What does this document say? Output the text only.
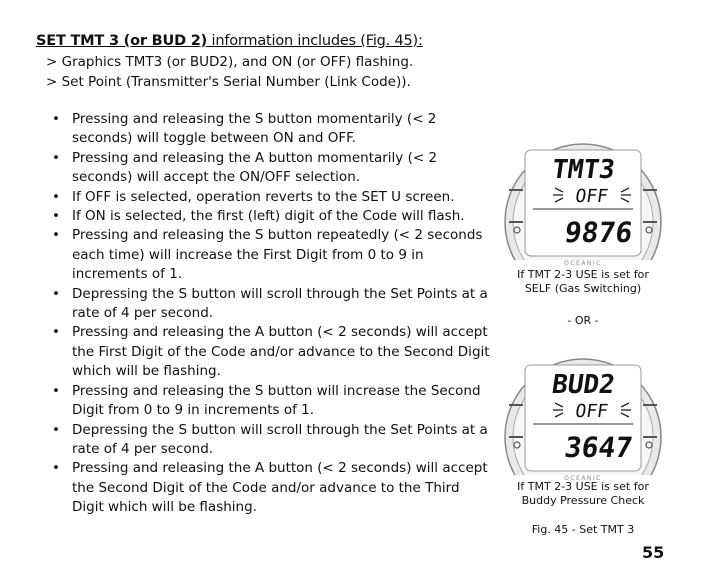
SET TMT 3 (or BUD 2) information includes (Fig. 45):
> Graphics TMT3 (or BUD2), and ON (or OFF) flashing.
> Set Point (Transmitter's Serial Number (Link Code)).
• Pressing and releasing the S button momentarily (< 2 seconds) will toggle between ON and OFF.
• Pressing and releasing the A button momentarily (< 2 seconds) will accept the ON/OFF selection.
• If OFF is selected, operation reverts to the SET U screen.
• If ON is selected, the first (left) digit of the Code will flash.
• Pressing and releasing the S button repeatedly (< 2 seconds each time) will increase the First Digit from 0 to 9 in increments of 1.
• Depressing the S button will scroll through the Set Points at a rate of 4 per second.
• Pressing and releasing the A button (< 2 seconds) will accept the First Digit of the Code and/or advance to the Second Digit which will be flashing.
• Pressing and releasing the S button will increase the Second Digit from 0 to 9 in increments of 1.
• Depressing the S button will scroll through the Set Points at a rate of 4 per second.
• Pressing and releasing the A button (< 2 seconds) will accept the Second Digit of the Code and/or advance to the Third Digit which will be flashing.
TMT3
OFF
9876
OCEANIC
If TMT 2-3 USE is set for
SELF (Gas Switching)
- OR -
BUD2
OFF
3647
OCEANIC
If TMT 2-3 USE is set for
Buddy Pressure Check
Fig. 45 - Set TMT 3
55
